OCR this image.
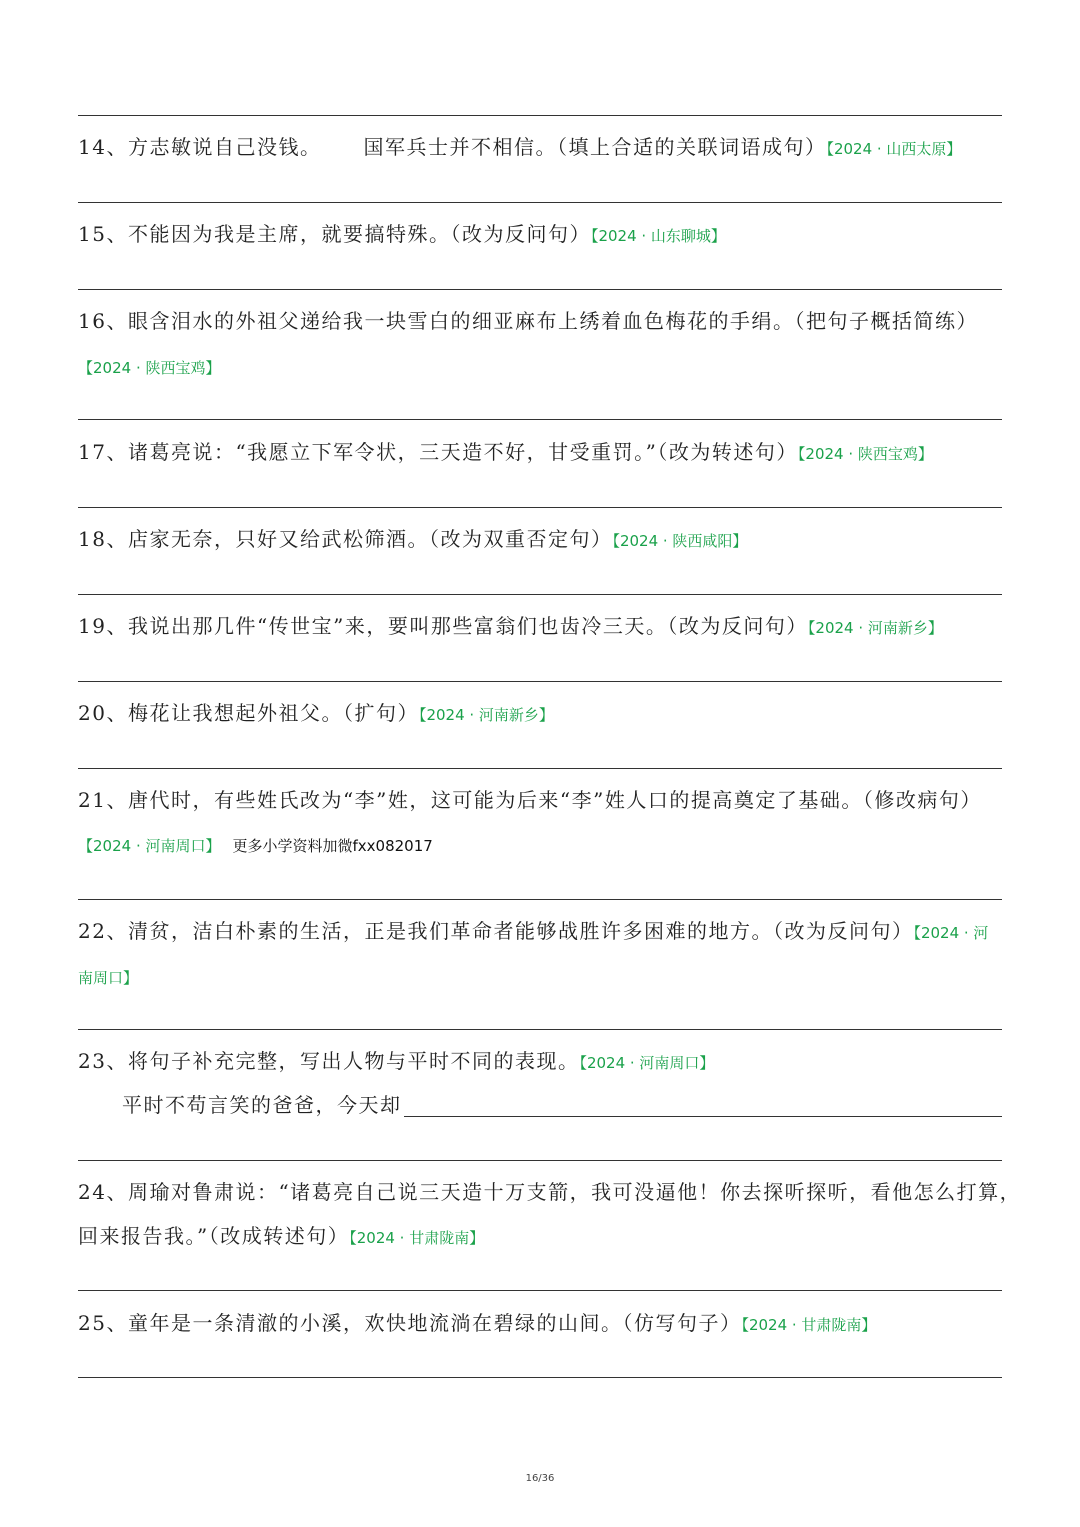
14、方志敏说自己没钱。 国军兵士并不相信。（填上合适的关联词语成句）【2024 · 山西太原】
15、不能因为我是主席，就要搞特殊。（改为反问句）【2024 · 山东聊城】
16、眼含泪水的外祖父递给我一块雪白的细亚麻布上绣着血色梅花的手绢。（把句子概括简练）
【2024 · 陕西宝鸡】
17、诸葛亮说：“我愿立下军令状，三天造不好，甘受重罚。”（改为转述句）【2024 · 陕西宝鸡】
18、店家无奈，只好又给武松筛酒。（改为双重否定句）【2024 · 陕西咸阳】
19、我说出那几件“传世宝”来，要叫那些富翁们也齿冷三天。（改为反问句）【2024 · 河南新乡】
20、梅花让我想起外祖父。（扩句）【2024 · 河南新乡】
21、唐代时，有些姓氏改为“李”姓，这可能为后来“李”姓人口的提高奠定了基础。（修改病句）
【2024 · 河南周口】 更多小学资料加微fxx082017
22、清贫，洁白朴素的生活，正是我们革命者能够战胜许多困难的地方。（改为反问句）【2024 · 河
南周口】
23、将句子补充完整，写出人物与平时不同的表现。【2024 · 河南周口】
平时不苟言笑的爸爸，今天却
24、周瑜对鲁肃说：“诸葛亮自己说三天造十万支箭，我可没逼他！你去探听探听，看他怎么打算，
回来报告我。”（改成转述句）【2024 · 甘肃陇南】
25、童年是一条清澈的小溪，欢快地流淌在碧绿的山间。（仿写句子）【2024 · 甘肃陇南】
16/36
